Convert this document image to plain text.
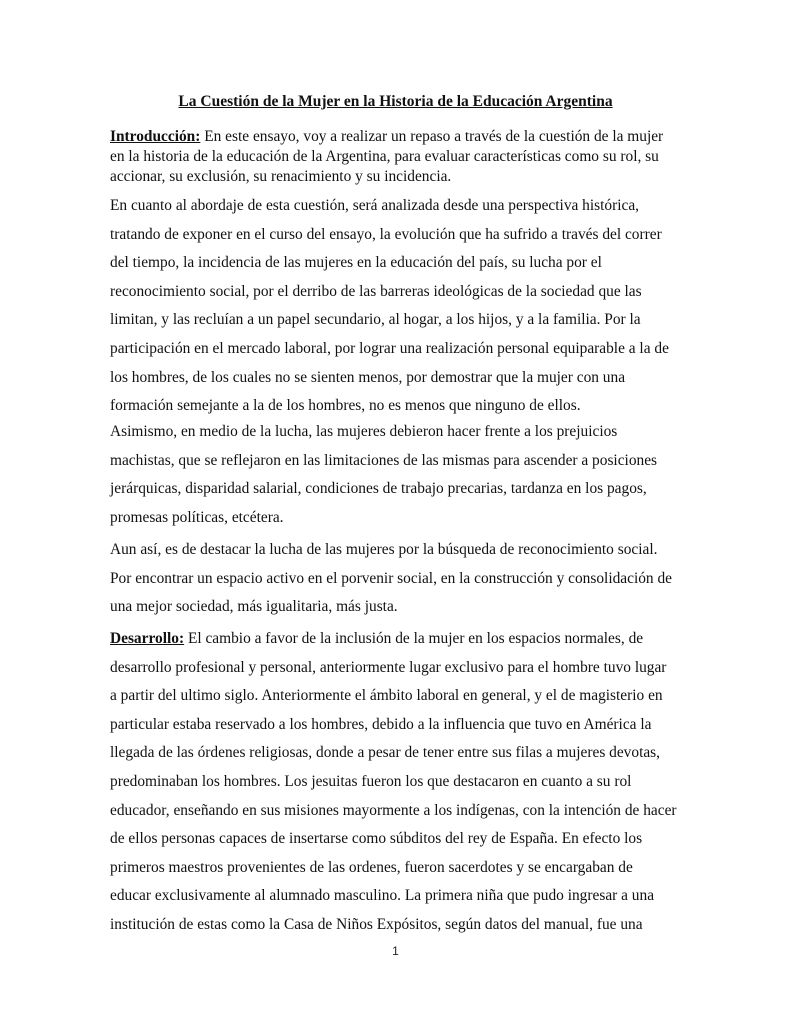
La Cuestión de la Mujer en la Historia de la Educación Argentina
Introducción: En este ensayo, voy a realizar un repaso a través de la cuestión de la mujer
en la historia de la educación de la Argentina, para evaluar características como su rol, su
accionar, su exclusión, su renacimiento y su incidencia.
En cuanto al abordaje de esta cuestión, será analizada desde una perspectiva histórica,
tratando de exponer en el curso del ensayo, la evolución que ha sufrido a través del correr
del tiempo, la incidencia de las mujeres en la educación del país, su lucha por el
reconocimiento social, por el derribo de las barreras ideológicas de la sociedad que las
limitan, y las recluían a un papel secundario, al hogar, a los hijos, y a la familia. Por la
participación en el mercado laboral, por lograr una realización personal equiparable a la de
los hombres, de los cuales no se sienten menos, por demostrar que la mujer con una
formación semejante a la de los hombres, no es menos que ninguno de ellos.
Asimismo, en medio de la lucha, las mujeres debieron hacer frente a los prejuicios
machistas, que se reflejaron en las limitaciones de las mismas para ascender a posiciones
jerárquicas, disparidad salarial, condiciones de trabajo precarias, tardanza en los pagos,
promesas políticas, etcétera.
Aun así, es de destacar la lucha de las mujeres por la búsqueda de reconocimiento social.
Por encontrar un espacio activo en el porvenir social, en la construcción y consolidación de
una mejor sociedad, más igualitaria, más justa.
Desarrollo: El cambio a favor de la inclusión de la mujer en los espacios normales, de
desarrollo profesional y personal, anteriormente lugar exclusivo para el hombre tuvo lugar
a partir del ultimo siglo. Anteriormente el ámbito laboral en general, y el de magisterio en
particular estaba reservado a los hombres, debido a la influencia que tuvo en América la
llegada de las órdenes religiosas, donde a pesar de tener entre sus filas a mujeres devotas,
predominaban los hombres. Los jesuitas fueron los que destacaron en cuanto a su rol
educador, enseñando en sus misiones mayormente a los indígenas, con la intención de hacer
de ellos personas capaces de insertarse como súbditos del rey de España. En efecto los
primeros maestros provenientes de las ordenes, fueron sacerdotes y se encargaban de
educar exclusivamente al alumnado masculino. La primera niña que pudo ingresar a una
institución de estas como la Casa de Niños Expósitos, según datos del manual, fue una
1
